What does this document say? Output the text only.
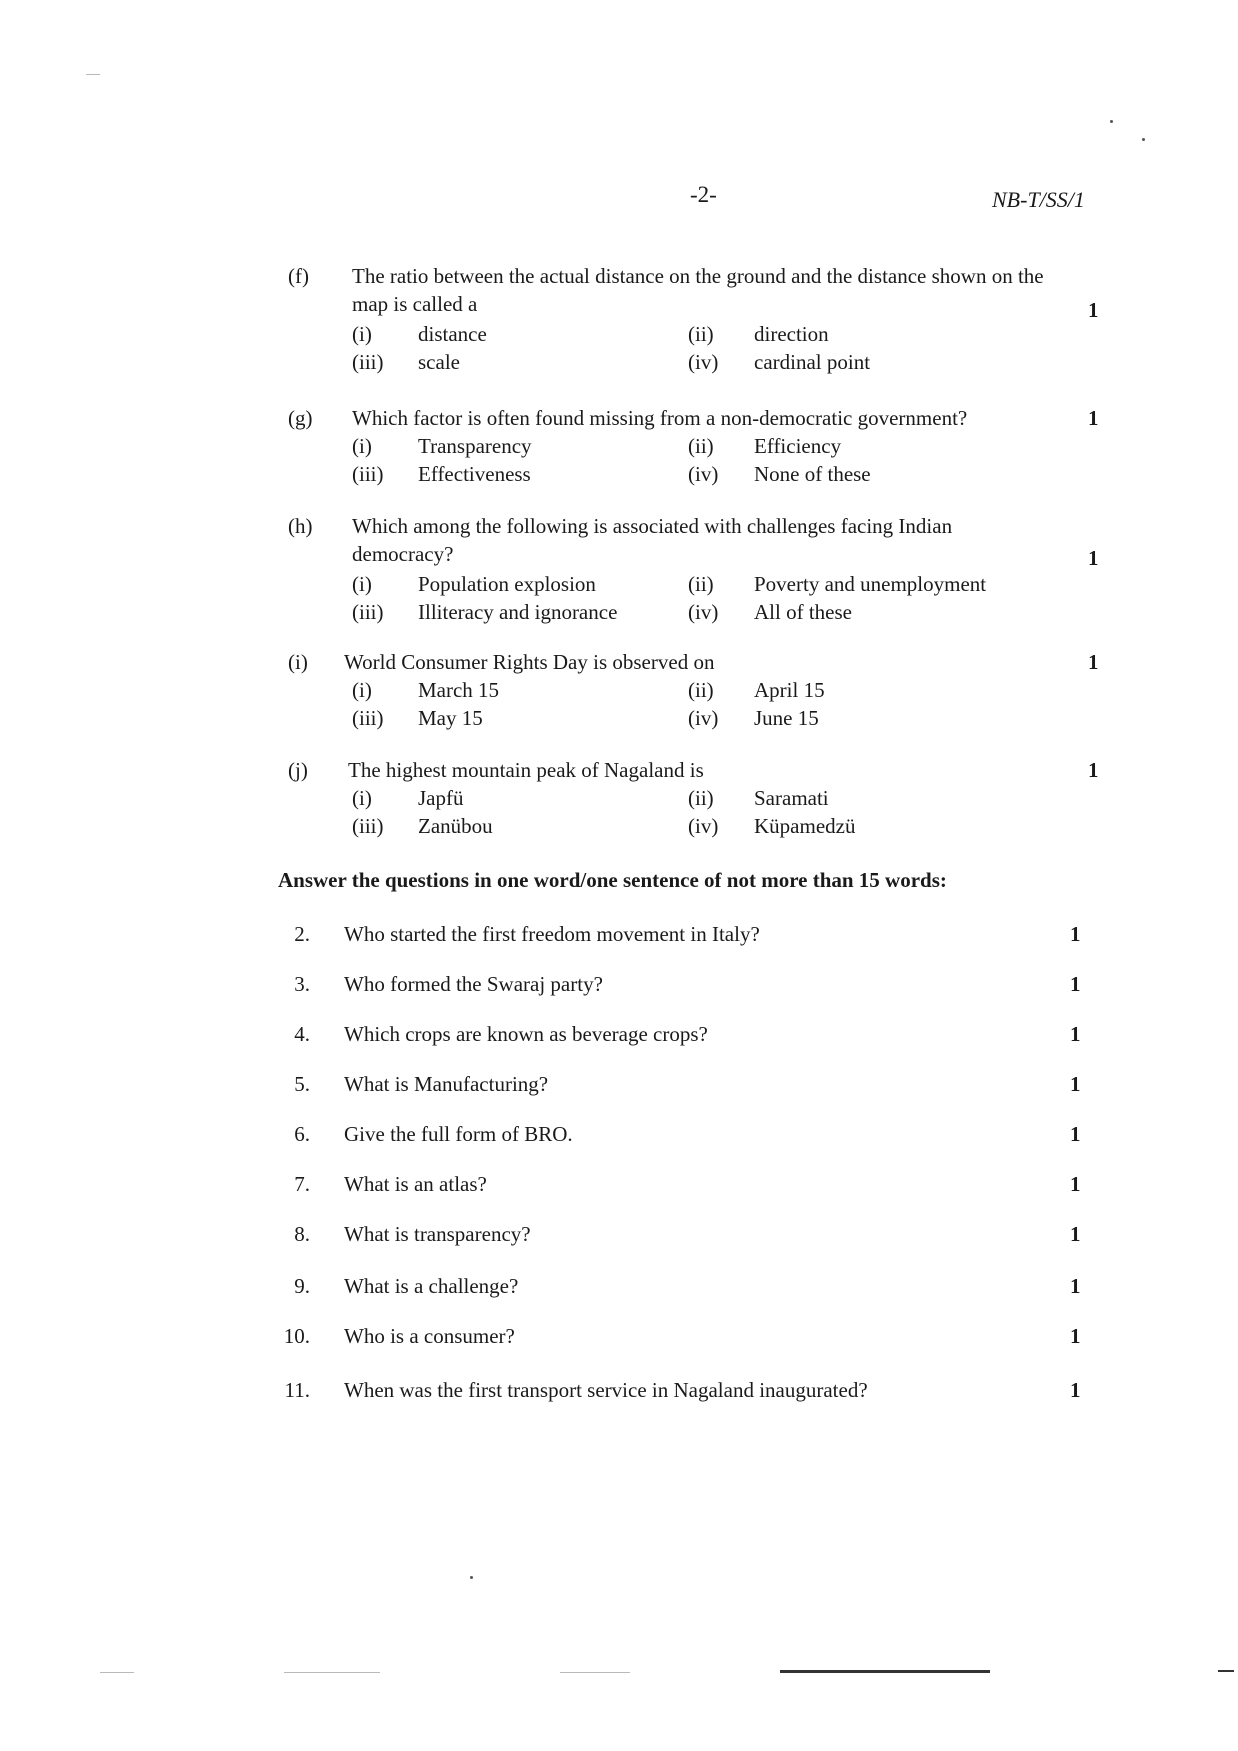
-2-	NB-T/SS/1
(f) The ratio between the actual distance on the ground and the distance shown on the map is called a	1
(i) distance	(ii) direction
(iii) scale	(iv) cardinal point
(g) Which factor is often found missing from a non-democratic government?	1
(i) Transparency	(ii) Efficiency
(iii) Effectiveness	(iv) None of these
(h) Which among the following is associated with challenges facing Indian democracy?	1
(i) Population explosion	(ii) Poverty and unemployment
(iii) Illiteracy and ignorance	(iv) All of these
(i) World Consumer Rights Day is observed on	1
(i) March 15	(ii) April 15
(iii) May 15	(iv) June 15
(j) The highest mountain peak of Nagaland is	1
(i) Japfü	(ii) Saramati
(iii) Zanübou	(iv) Küpamedzü
Answer the questions in one word/one sentence of not more than 15 words:
2. Who started the first freedom movement in Italy?	1
3. Who formed the Swaraj party?	1
4. Which crops are known as beverage crops?	1
5. What is Manufacturing?	1
6. Give the full form of BRO.	1
7. What is an atlas?	1
8. What is transparency?	1
9. What is a challenge?	1
10. Who is a consumer?	1
11. When was the first transport service in Nagaland inaugurated?	1
